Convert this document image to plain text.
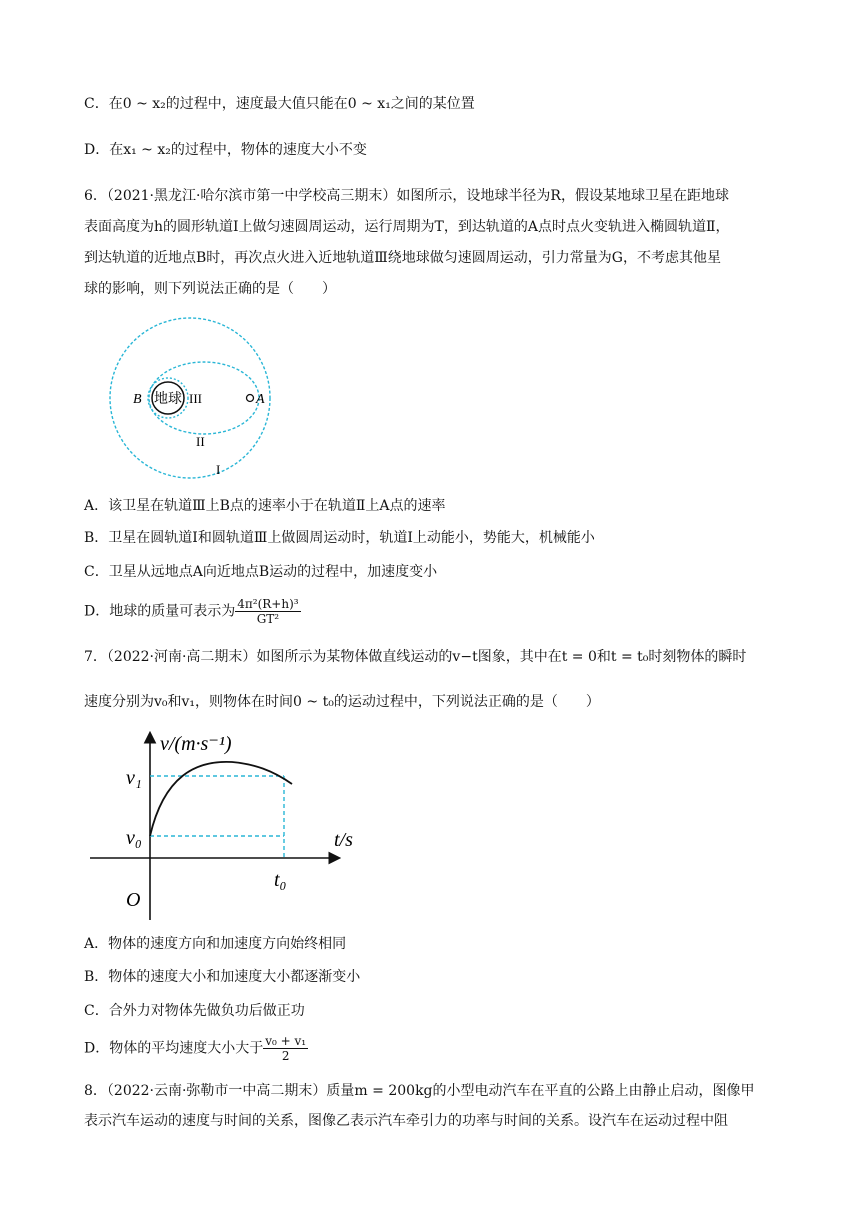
C．在0 ~ x₂的过程中，速度最大值只能在0 ~ x₁之间的某位置
D．在x₁ ~ x₂的过程中，物体的速度大小不变
6．（2021·黑龙江·哈尔滨市第一中学校高三期末）如图所示，设地球半径为R，假设某地球卫星在距地球
表面高度为h的圆形轨道Ⅰ上做匀速圆周运动，运行周期为T，到达轨道的A点时点火变轨进入椭圆轨道Ⅱ，
到达轨道的近地点B时，再次点火进入近地轨道Ⅲ绕地球做匀速圆周运动，引力常量为G，不考虑其他星
球的影响，则下列说法正确的是（　　）
地球	A
B	III
II
I
A．该卫星在轨道Ⅲ上B点的速率小于在轨道Ⅱ上A点的速率
B．卫星在圆轨道Ⅰ和圆轨道Ⅲ上做圆周运动时，轨道Ⅰ上动能小，势能大，机械能小
C．卫星从远地点A向近地点B运动的过程中，加速度变小
D．地球的质量可表示为 $\frac{\text{4π²(R+h)³}}{\text{GT²}}$
7．（2022·河南·高二期末）如图所示为某物体做直线运动的v−t图象，其中在t = 0和t = t₀时刻物体的瞬时
速度分别为v₀和v₁，则物体在时间0 ~ t₀的运动过程中，下列说法正确的是（　　）
v/(m·s⁻¹)
t/s
O
v₁
v₀
t₀
A．物体的速度方向和加速度方向始终相同
B．物体的速度大小和加速度大小都逐渐变小
C．合外力对物体先做负功后做正功
D．物体的平均速度大小大于 $\frac{\text{v₀ + v₁}}{2}$
8．（2022·云南·弥勒市一中高二期末）质量m = 200kg的小型电动汽车在平直的公路上由静止启动，图像甲
表示汽车运动的速度与时间的关系，图像乙表示汽车牵引力的功率与时间的关系。设汽车在运动过程中阻
